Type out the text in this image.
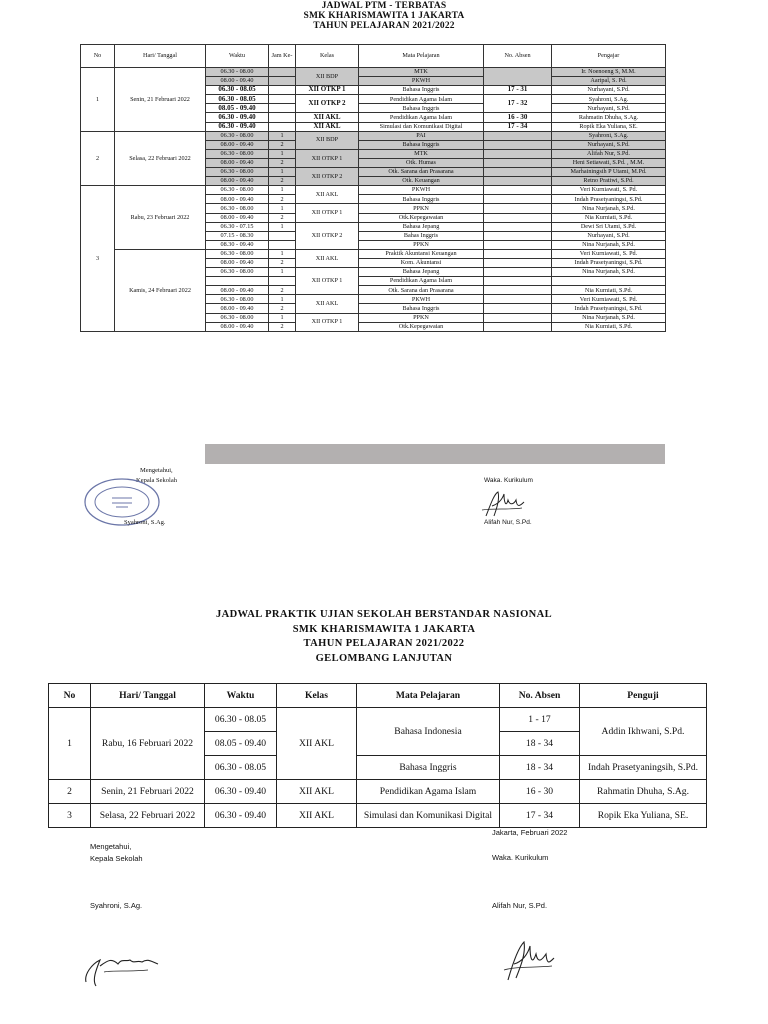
JADWAL PTM - TERBATAS
SMK KHARISMAWITA 1 JAKARTA
TAHUN PELAJARAN 2021/2022
No	Hari/ Tanggal	Waktu	Jam Ke-	Kelas	Mata Pelajaran	No. Absen	Pengajar
1	Senin, 21 Februari 2022	06.30 - 08.00		XII BDP	MTK		Ir. Noenoeng S, M.M.
		08.00 - 09.40			PKWH		Aaripal, S. Pd.
		06.30 - 08.05		XII OTKP 1	Bahasa Inggris	17 - 31	Nurhayani, S.Pd.
		06.30 - 08.05		XII OTKP 2	Pendidikan Agama Islam	17 - 32	Syahroni, S.Ag.
		08.05 - 09.40			Bahasa Inggris		Nurhayani, S.Pd.
		06.30 - 09.40		XII AKL	Pendidikan Agama Islam	16 - 30	Rahmatin Dhuha, S.Ag.
		06.30 - 09.40		XII AKL	Simulasi dan Komunikasi Digital	17 - 34	Ropik Eka Yuliana, SE.
2	Selasa, 22 Februari 2022	06.30 - 08.00	1	XII BDP	PAI		Syahroni, S.Ag.
		08.00 - 09.40	2		Bahasa Inggris		Nurhayani, S.Pd.
		06.30 - 08.00	1	XII OTKP 1	MTK		Alifah Nur, S.Pd.
		08.00 - 09.40	2		Otk. Humas		Heni Setiawati, S.Pd. , M.M.
		06.30 - 08.00	1	XII OTKP 2	Otk. Sarana dan Prasarana		Marhainingsih P Utami, M.Pd.
		08.00 - 09.40	2		Otk. Keuangan		Retno Pratiwi, S.Pd.
3	Rabu, 23 Februari 2022	06.30 - 08.00	1	XII AKL	PKWH		Veri Kurniawati, S. Pd.
		08.00 - 09.40	2		Bahasa Inggris		Indah Prasetyaningsi, S.Pd.
		06.30 - 08.00	1	XII OTKP 1	PPKN		Nina Nurjanah, S.Pd.
		08.00 - 09.40	2		Otk.Kepegawaian		Nia Kurniati, S.Pd.
		06.30 - 07.15	1	XII OTKP 2	Bahasa Jepang		Dewi Sri Utami, S.Pd.
		07.15 - 08.30			Bahas Inggris		Nurhayani, S.Pd.
		08.30 - 09.40			PPKN		Nina Nurjanah, S.Pd.
	Kamis, 24 Februari 2022	06.30 - 08.00	1	XII AKL	Praktik Akuntansi Keuangan		Veri Kurniawati, S. Pd.
		08.00 - 09.40	2		Kom. Akuntansi		Indah Prasetyaningsi, S.Pd.
		06.30 - 08.00	1	XII OTKP 1	Bahasa Jepang		Nina Nurjanah, S.Pd.
					Pendidikan Agama Islam		
		08.00 - 09.40	2		Otk. Sarana dan Prasarana		Nia Kurniati, S.Pd.
		06.30 - 08.00	1	XII AKL	PKWH		Veri Kurniawati, S. Pd.
		08.00 - 09.40	2		Bahasa Inggris		Indah Prasetyaningsi, S.Pd.
		06.30 - 08.00	1	XII OTKP 1	PPKN		Nina Nurjanah, S.Pd.
		08.00 - 09.40	2		Otk.Kepegawaian		Nia Kurniati, S.Pd.
Mengetahui,
Kepala Sekolah
Syahroni, S.Ag.
Waka. Kurikulum
Alifah Nur, S.Pd.
JADWAL PRAKTIK UJIAN SEKOLAH BERSTANDAR NASIONAL
SMK KHARISMAWITA 1 JAKARTA
TAHUN PELAJARAN 2021/2022
GELOMBANG LANJUTAN
No	Hari/ Tanggal	Waktu	Kelas	Mata Pelajaran	No. Absen	Penguji
1	Rabu, 16 Februari 2022	06.30 - 08.05	XII AKL	Bahasa Indonesia	1 - 17	Addin Ikhwani, S.Pd.
		08.05 - 09.40			18 - 34	
		06.30 - 08.05		Bahasa Inggris	18 - 34	Indah Prasetyaningsih, S.Pd.
2	Senin, 21 Februari 2022	06.30 - 09.40	XII AKL	Pendidikan Agama Islam	16 - 30	Rahmatin Dhuha, S.Ag.
3	Selasa, 22 Februari 2022	06.30 - 09.40	XII AKL	Simulasi dan Komunikasi Digital	17 - 34	Ropik Eka Yuliana, SE.
Jakarta, Februari 2022
Mengetahui,
Kepala Sekolah	Waka. Kurikulum
Syahroni, S.Ag.	Alifah Nur, S.Pd.
